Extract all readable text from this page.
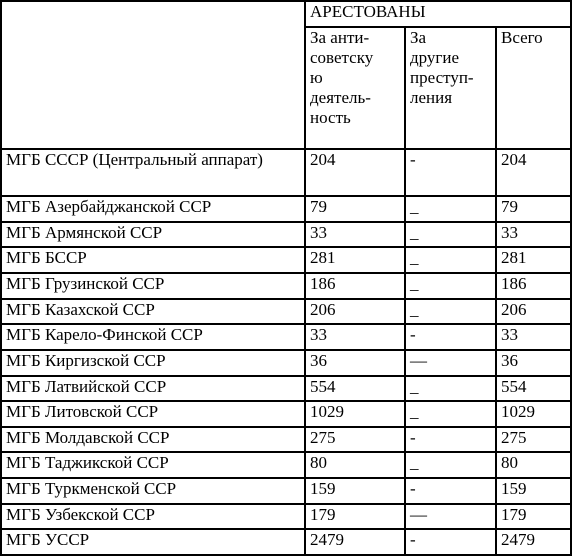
	АРЕСТОВАНЫ		
	За анти-
советску
ю
деятель-
ность	За
другие
преступ-
ления	Всего
МГБ СССР (Центральный аппарат)	204	-	204
МГБ Азербайджанской ССР	79	_	79
МГБ Армянской ССР	33	_	33
МГБ БССР	281	_	281
МГБ Грузинской ССР	186	_	186
МГБ Казахской ССР	206	_	206
МГБ Карело-Финской ССР	33	-	33
МГБ Киргизской ССР	36	—	36
МГБ Латвийской ССР	554	_	554
МГБ Литовской ССР	1029	_	1029
МГБ Молдавской ССР	275	-	275
МГБ Таджикской ССР	80	_	80
МГБ Туркменской ССР	159	-	159
МГБ Узбекской ССР	179	—	179
МГБ УССР	2479	-	2479
